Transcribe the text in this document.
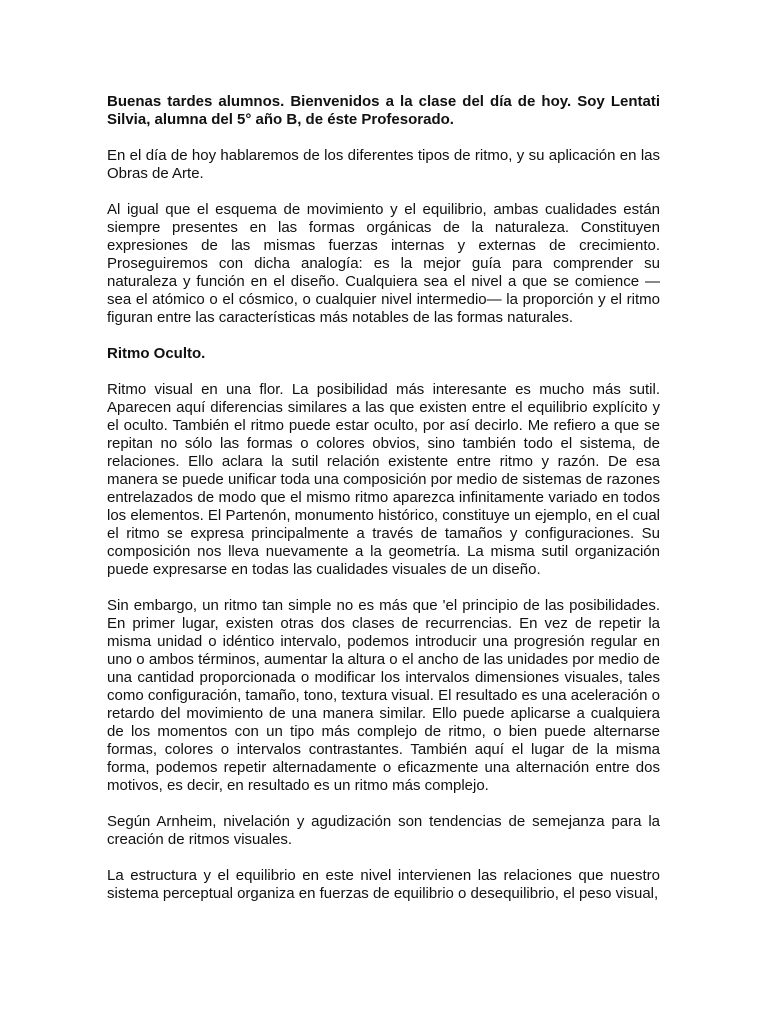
Buenas tardes alumnos. Bienvenidos a la clase del día de hoy. Soy Lentati Silvia, alumna del 5° año B, de éste Profesorado.

En el día de hoy hablaremos de los diferentes tipos de ritmo, y su aplicación en las Obras de Arte.

Al igual que el esquema de movimiento y el equilibrio, ambas cualidades están siempre presentes en las formas orgánicas de la naturaleza. Constituyen expresiones de las mismas fuerzas internas y externas de crecimiento. Proseguiremos con dicha analogía: es la mejor guía para comprender su naturaleza y función en el diseño. Cualquiera sea el nivel a que se comience — sea el atómico o el cósmico, o cualquier nivel intermedio— la proporción y el ritmo figuran entre las características más notables de las formas naturales.

Ritmo Oculto.

Ritmo visual en una flor. La posibilidad más interesante es mucho más sutil. Aparecen aquí diferencias similares a las que existen entre el equilibrio explícito y el oculto. También el ritmo puede estar oculto, por así decirlo. Me refiero a que se repitan no sólo las formas o colores obvios, sino también todo el sistema, de relaciones. Ello aclara la sutil relación existente entre ritmo y razón. De esa manera se puede unificar toda una composición por medio de sistemas de razones entrelazados de modo que el mismo ritmo aparezca infinitamente variado en todos los elementos. El Partenón, monumento histórico, constituye un ejemplo, en el cual el ritmo se expresa principalmente a través de tamaños y configuraciones. Su composición nos lleva nuevamente a la geometría. La misma sutil organización puede expresarse en todas las cualidades visuales de un diseño.

Sin embargo, un ritmo tan simple no es más que 'el principio de las posibilidades. En primer lugar, existen otras dos clases de recurrencias. En vez de repetir la misma unidad o idéntico intervalo, podemos introducir una progresión regular en uno o ambos términos, aumentar la altura o el ancho de las unidades por medio de una cantidad proporcionada o modificar los intervalos dimensiones visuales, tales como configuración, tamaño, tono, textura visual. El resultado es una aceleración o retardo del movimiento de una manera similar. Ello puede aplicarse a cualquiera de los momentos con un tipo más complejo de ritmo, o bien puede alternarse formas, colores o intervalos contrastantes. También aquí el lugar de la misma forma, podemos repetir alternadamente o eficazmente una alternación entre dos motivos, es decir, en resultado es un ritmo más complejo.

Según Arnheim, nivelación y agudización son tendencias de semejanza para la creación de ritmos visuales.

La estructura y el equilibrio en este nivel intervienen las relaciones que nuestro sistema perceptual organiza en fuerzas de equilibrio o desequilibrio, el peso visual,
